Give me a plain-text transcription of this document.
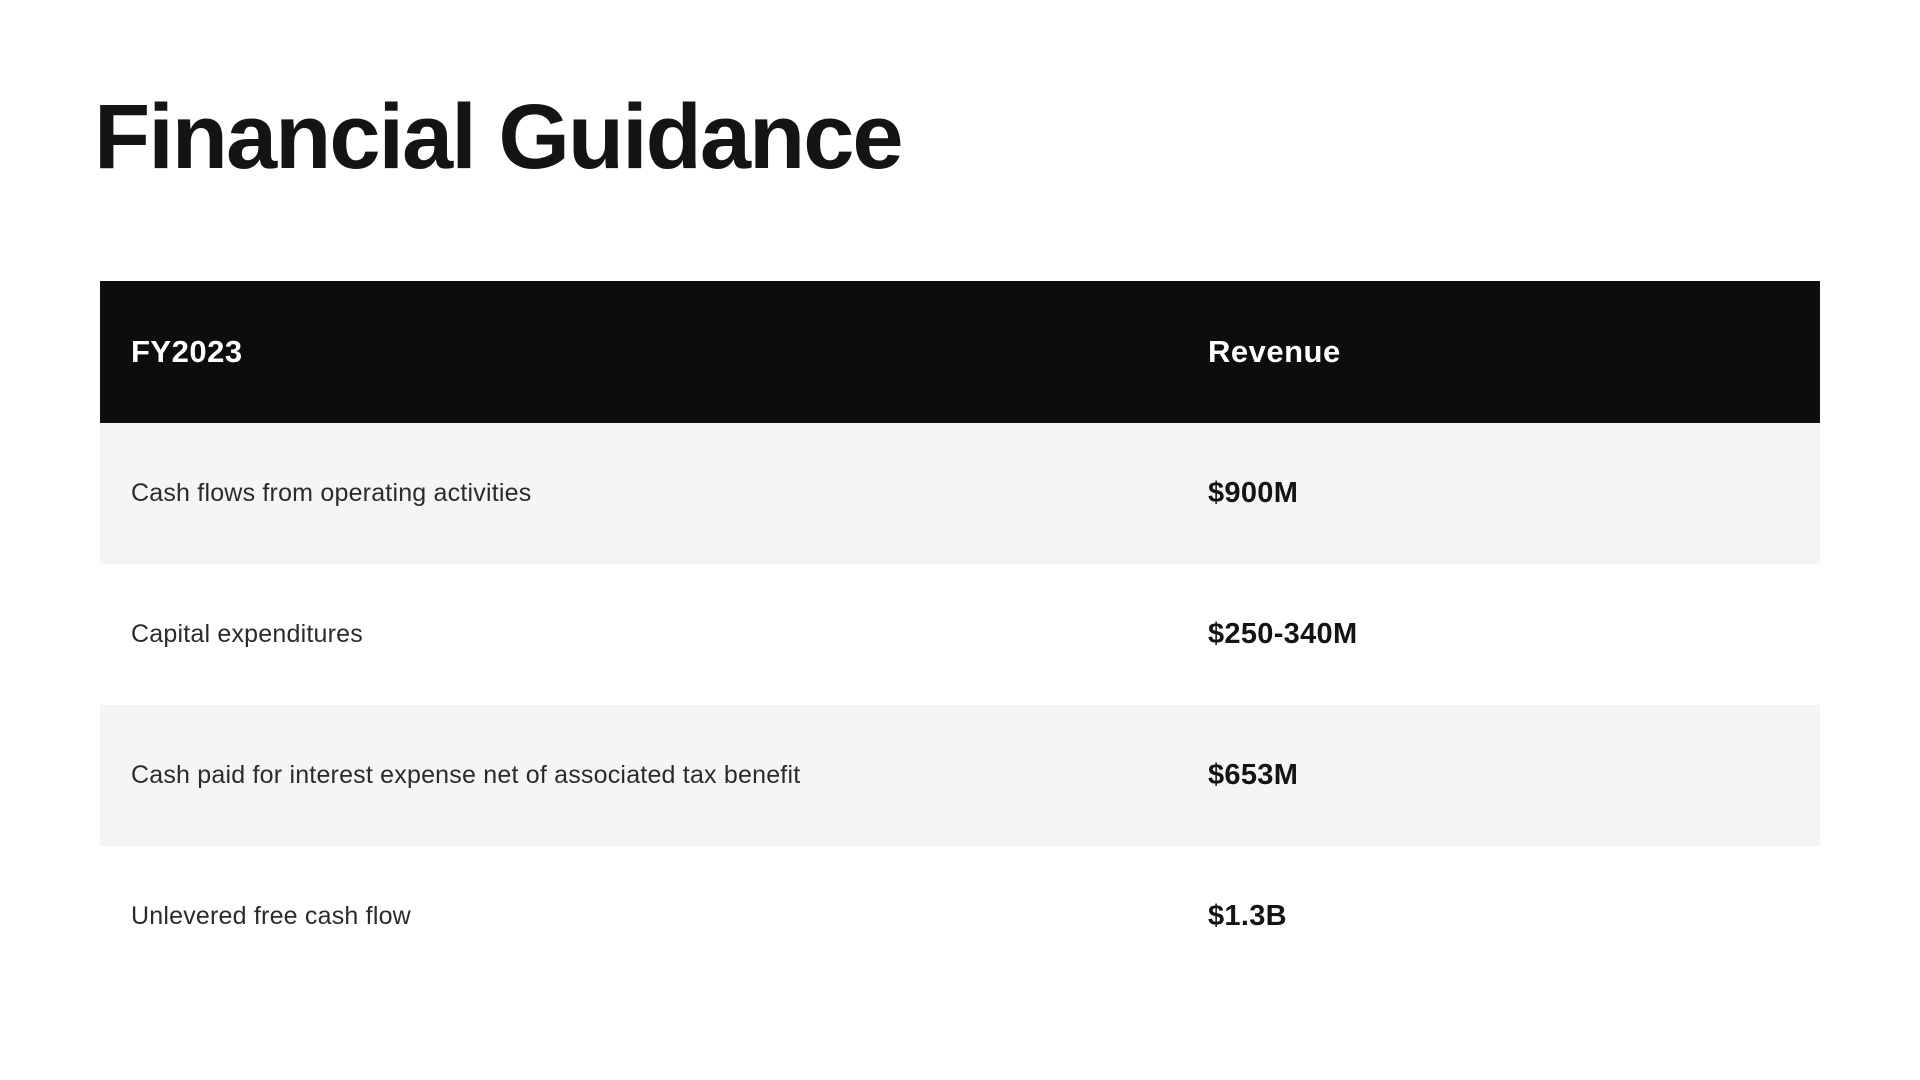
Financial Guidance
FY2023	Revenue
Cash flows from operating activities	$900M
Capital expenditures	$250-340M
Cash paid for interest expense net of associated tax benefit	$653M
Unlevered free cash flow	$1.3B
